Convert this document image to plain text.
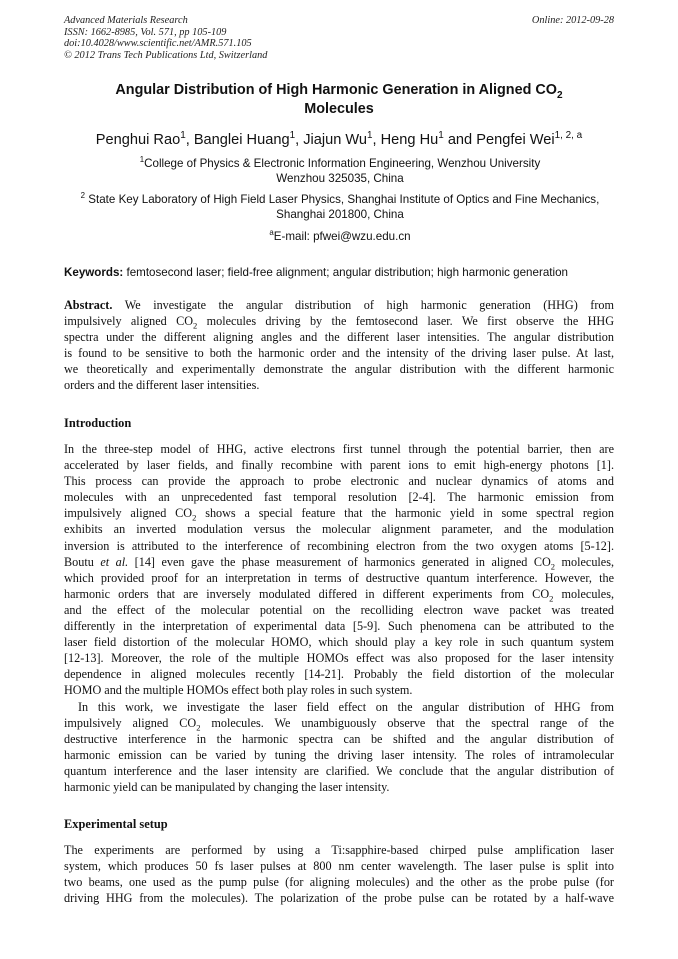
Advanced Materials Research
ISSN: 1662-8985, Vol. 571, pp 105-109
doi:10.4028/www.scientific.net/AMR.571.105
© 2012 Trans Tech Publications Ltd, Switzerland
Online: 2012-09-28
Angular Distribution of High Harmonic Generation in Aligned $CO_2$
Molecules
Penghui Rao$^1$, Banglei Huang$^1$, Jiajun Wu$^1$, Heng Hu$^1$ and Pengfei Wei$^{1, 2, a}$
$^1$College of Physics & Electronic Information Engineering, Wenzhou University
Wenzhou 325035, China
$^2$ State Key Laboratory of High Field Laser Physics, Shanghai Institute of Optics and Fine Mechanics,
Shanghai 201800, China
$^a$E-mail: pfwei@wzu.edu.cn
Keywords: femtosecond laser; field-free alignment; angular distribution; high harmonic generation
Abstract. We investigate the angular distribution of high harmonic generation (HHG) from
impulsively aligned $CO_2$ molecules driving by the femtosecond laser. We first observe the HHG
spectra under the different aligning angles and the different laser intensities. The angular distribution
is found to be sensitive to both the harmonic order and the intensity of the driving laser pulse. At last,
we theoretically and experimentally demonstrate the angular distribution with the different harmonic
orders and the different laser intensities.
Introduction
In the three-step model of HHG, active electrons first tunnel through the potential barrier, then are
accelerated by laser fields, and finally recombine with parent ions to emit high-energy photons [1].
This process can provide the approach to probe electronic and nuclear dynamics of atoms and
molecules with an unprecedented fast temporal resolution [2-4]. The harmonic emission from
impulsively aligned $CO_2$ shows a special feature that the harmonic yield in some spectral region
exhibits an inverted modulation versus the molecular alignment parameter, and the modulation
inversion is attributed to the interference of recombining electron from the two oxygen atoms [5-12].
Boutu et al. [14] even gave the phase measurement of harmonics generated in aligned $CO_2$ molecules,
which provided proof for an interpretation in terms of destructive quantum interference. However, the
harmonic orders that are inversely modulated differed in different experiments from $CO_2$ molecules,
and the effect of the molecular potential on the recolliding electron wave packet was treated
differently in the interpretation of experimental data [5-9]. Such phenomena can be attributed to the
laser field distortion of the molecular HOMO, which should play a key role in such quantum system
[12-13]. Moreover, the role of the multiple HOMOs effect was also proposed for the laser intensity
dependence in aligned molecules recently [14-21]. Probably the field distortion of the molecular
HOMO and the multiple HOMOs effect both play roles in such system.
In this work, we investigate the laser field effect on the angular distribution of HHG from
impulsively aligned $CO_2$ molecules. We unambiguously observe that the spectral range of the
destructive interference in the harmonic spectra can be shifted and the angular distribution of
harmonic emission can be varied by tuning the driving laser intensity. The roles of intramolecular
quantum interference and the laser intensity are clarified. We conclude that the angular distribution of
harmonic yield can be manipulated by changing the laser intensity.
Experimental setup
The experiments are performed by using a Ti:sapphire-based chirped pulse amplification laser
system, which produces 50 fs laser pulses at 800 nm center wavelength. The laser pulse is split into
two beams, one used as the pump pulse (for aligning molecules) and the other as the probe pulse (for
driving HHG from the molecules). The polarization of the probe pulse can be rotated by a half-wave
